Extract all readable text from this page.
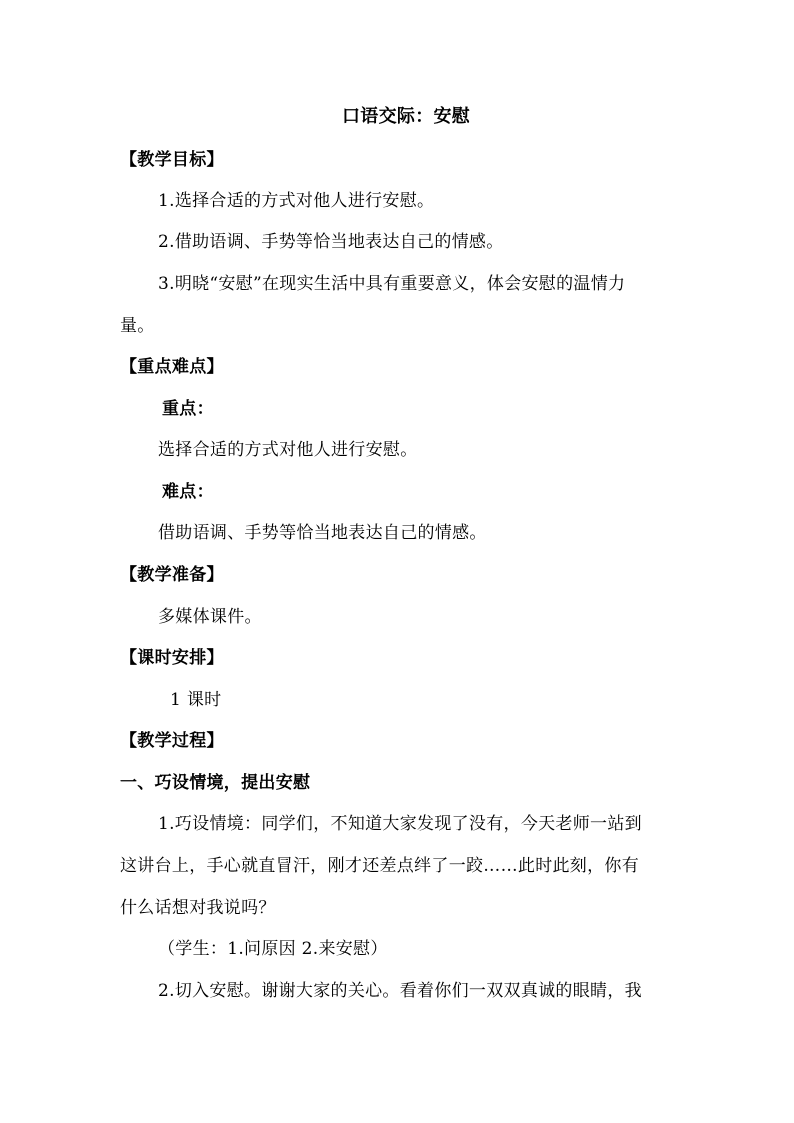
口语交际：安慰
【教学目标】
1.选择合适的方式对他人进行安慰。
2.借助语调、手势等恰当地表达自己的情感。
3.明晓“安慰”在现实生活中具有重要意义，体会安慰的温情力
量。
【重点难点】
重点：
选择合适的方式对他人进行安慰。
难点：
借助语调、手势等恰当地表达自己的情感。
【教学准备】
多媒体课件。
【课时安排】
1 课时
【教学过程】
一、巧设情境，提出安慰
1.巧设情境：同学们，不知道大家发现了没有，今天老师一站到
这讲台上，手心就直冒汗，刚才还差点绊了一跤……此时此刻，你有
什么话想对我说吗？
（学生：1.问原因 2.来安慰）
2.切入安慰。谢谢大家的关心。看着你们一双双真诚的眼睛，我
